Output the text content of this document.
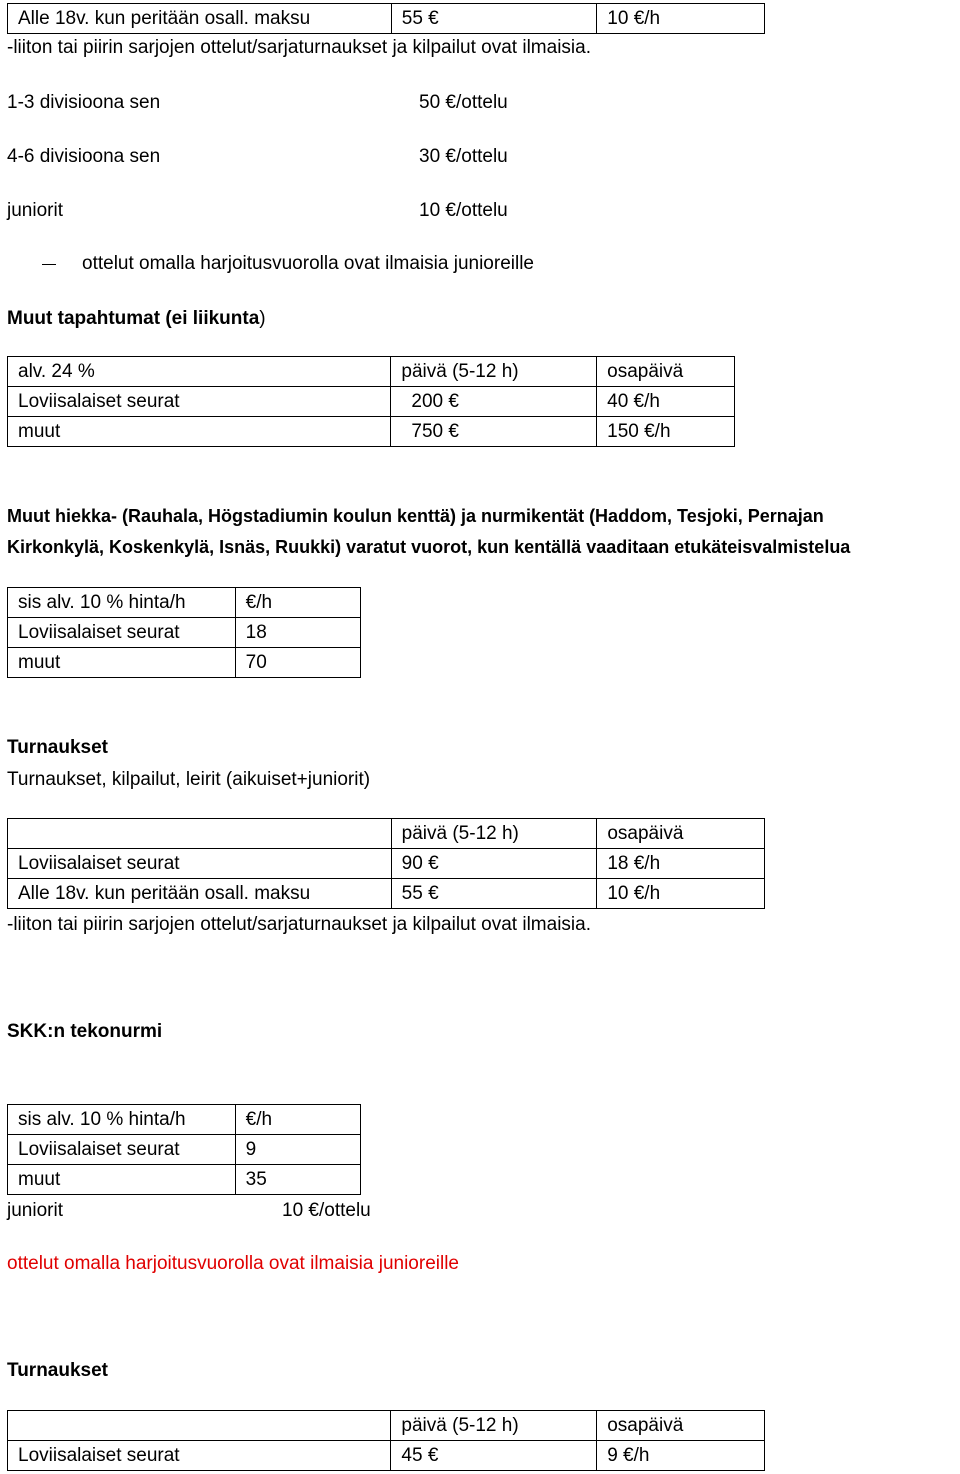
Alle 18v. kun peritään osall. maksu	55 €	10 €/h
-liiton tai piirin sarjojen ottelut/sarjaturnaukset ja kilpailut ovat ilmaisia.
1-3 divisioona sen	50 €/ottelu
4-6 divisioona sen	30 €/ottelu
juniorit	10 €/ottelu
ottelut omalla harjoitusvuorolla ovat ilmaisia junioreille
Muut tapahtumat (ei liikunta)
alv. 24 %	päivä (5-12 h)	osapäivä
Loviisalaiset seurat	200 €	40 €/h
muut	750 €	150 €/h
Muut hiekka- (Rauhala, Högstadiumin koulun kenttä) ja nurmikentät (Haddom, Tesjoki, Pernajan
Kirkonkylä, Koskenkylä, Isnäs, Ruukki) varatut vuorot, kun kentällä vaaditaan etukäteisvalmistelua
sis alv. 10 % hinta/h	€/h
Loviisalaiset seurat	18
muut	70
Turnaukset
Turnaukset, kilpailut, leirit (aikuiset+juniorit)
	päivä (5-12 h)	osapäivä
Loviisalaiset seurat	90 €	18 €/h
Alle 18v. kun peritään osall. maksu	55 €	10 €/h
-liiton tai piirin sarjojen ottelut/sarjaturnaukset ja kilpailut ovat ilmaisia.
SKK:n tekonurmi
sis alv. 10 % hinta/h	€/h
Loviisalaiset seurat	9
muut	35
juniorit	10 €/ottelu
ottelut omalla harjoitusvuorolla ovat ilmaisia junioreille
Turnaukset
	päivä (5-12 h)	osapäivä
Loviisalaiset seurat	45 €	9 €/h
